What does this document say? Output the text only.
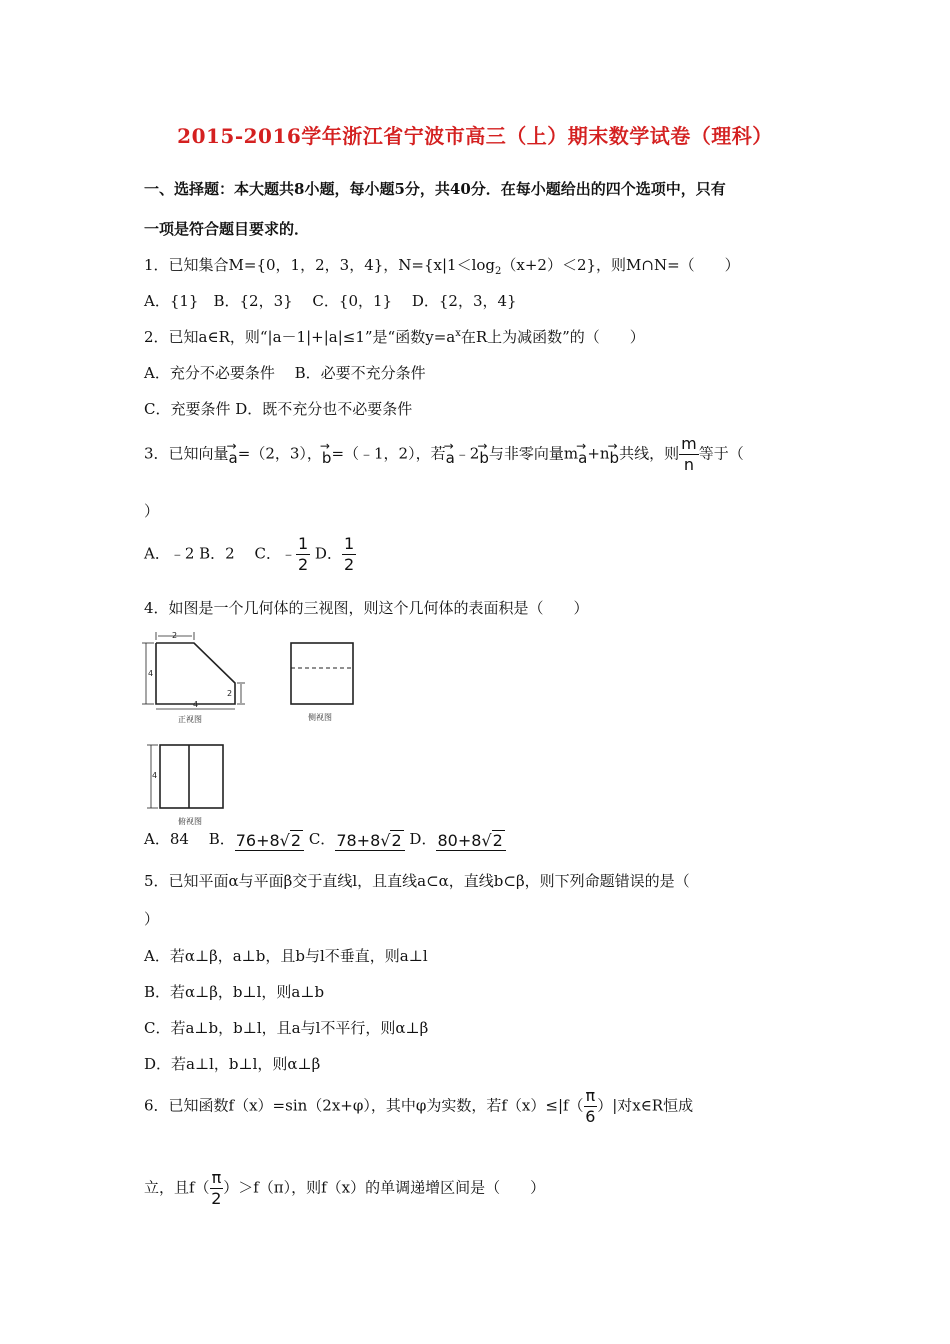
2015-2016学年浙江省宁波市高三（上）期末数学试卷（理科）
一、选择题：本大题共8小题，每小题5分，共40分．在每小题给出的四个选项中，只有
一项是符合题目要求的．
1．已知集合M={0，1，2，3，4}，$N=\{x|1<\log_2(x+2)<2\}$，则M∩N=（　　）
A．{1}　B．{2，3}　 C．{0，1}　 D．{2，3，4}
2．已知a∈R，则“|a－1|+|a|≤1”是“函数$y=a^x$在R上为减函数”的（　　）
A．充分不必要条件　 B．必要不充分条件
C．充要条件 D．既不充分也不必要条件
3．已知向量
→
a=（2，3），
→
b=（﹣1，2），若
→
a﹣2
→
b与非零向量m
→
a+n
→
b共线，则 $\frac{m}{n}$ 等于（
）
A．﹣2 B．2　 C．﹣ $\frac{1}{2}$ D． $\frac{1}{2}$
4．如图是一个几何体的三视图，则这个几何体的表面积是（　　）
2
4
2
4
正视图	侧视图
4
俯视图
A．84　 B．76+8√2 C．78+8√2 D．80+8√2
5．已知平面α与平面β交于直线l，且直线a⊂α，直线b⊂β，则下列命题错误的是（
）
A．若α⊥β，a⊥b，且b与l不垂直，则a⊥l
B．若α⊥β，b⊥l，则a⊥b
C．若a⊥b，b⊥l，且a与l不平行，则α⊥β
D．若a⊥l，b⊥l，则α⊥β
6．已知函数f（x）=sin（2x+φ），其中φ为实数，若$f(x)\le|f( \frac{\pi}{6}$ ）|对x∈R恒成
立，且$f( \frac{\pi}{2} )>f(\pi)$，则f（x）的单调递增区间是（　　）
